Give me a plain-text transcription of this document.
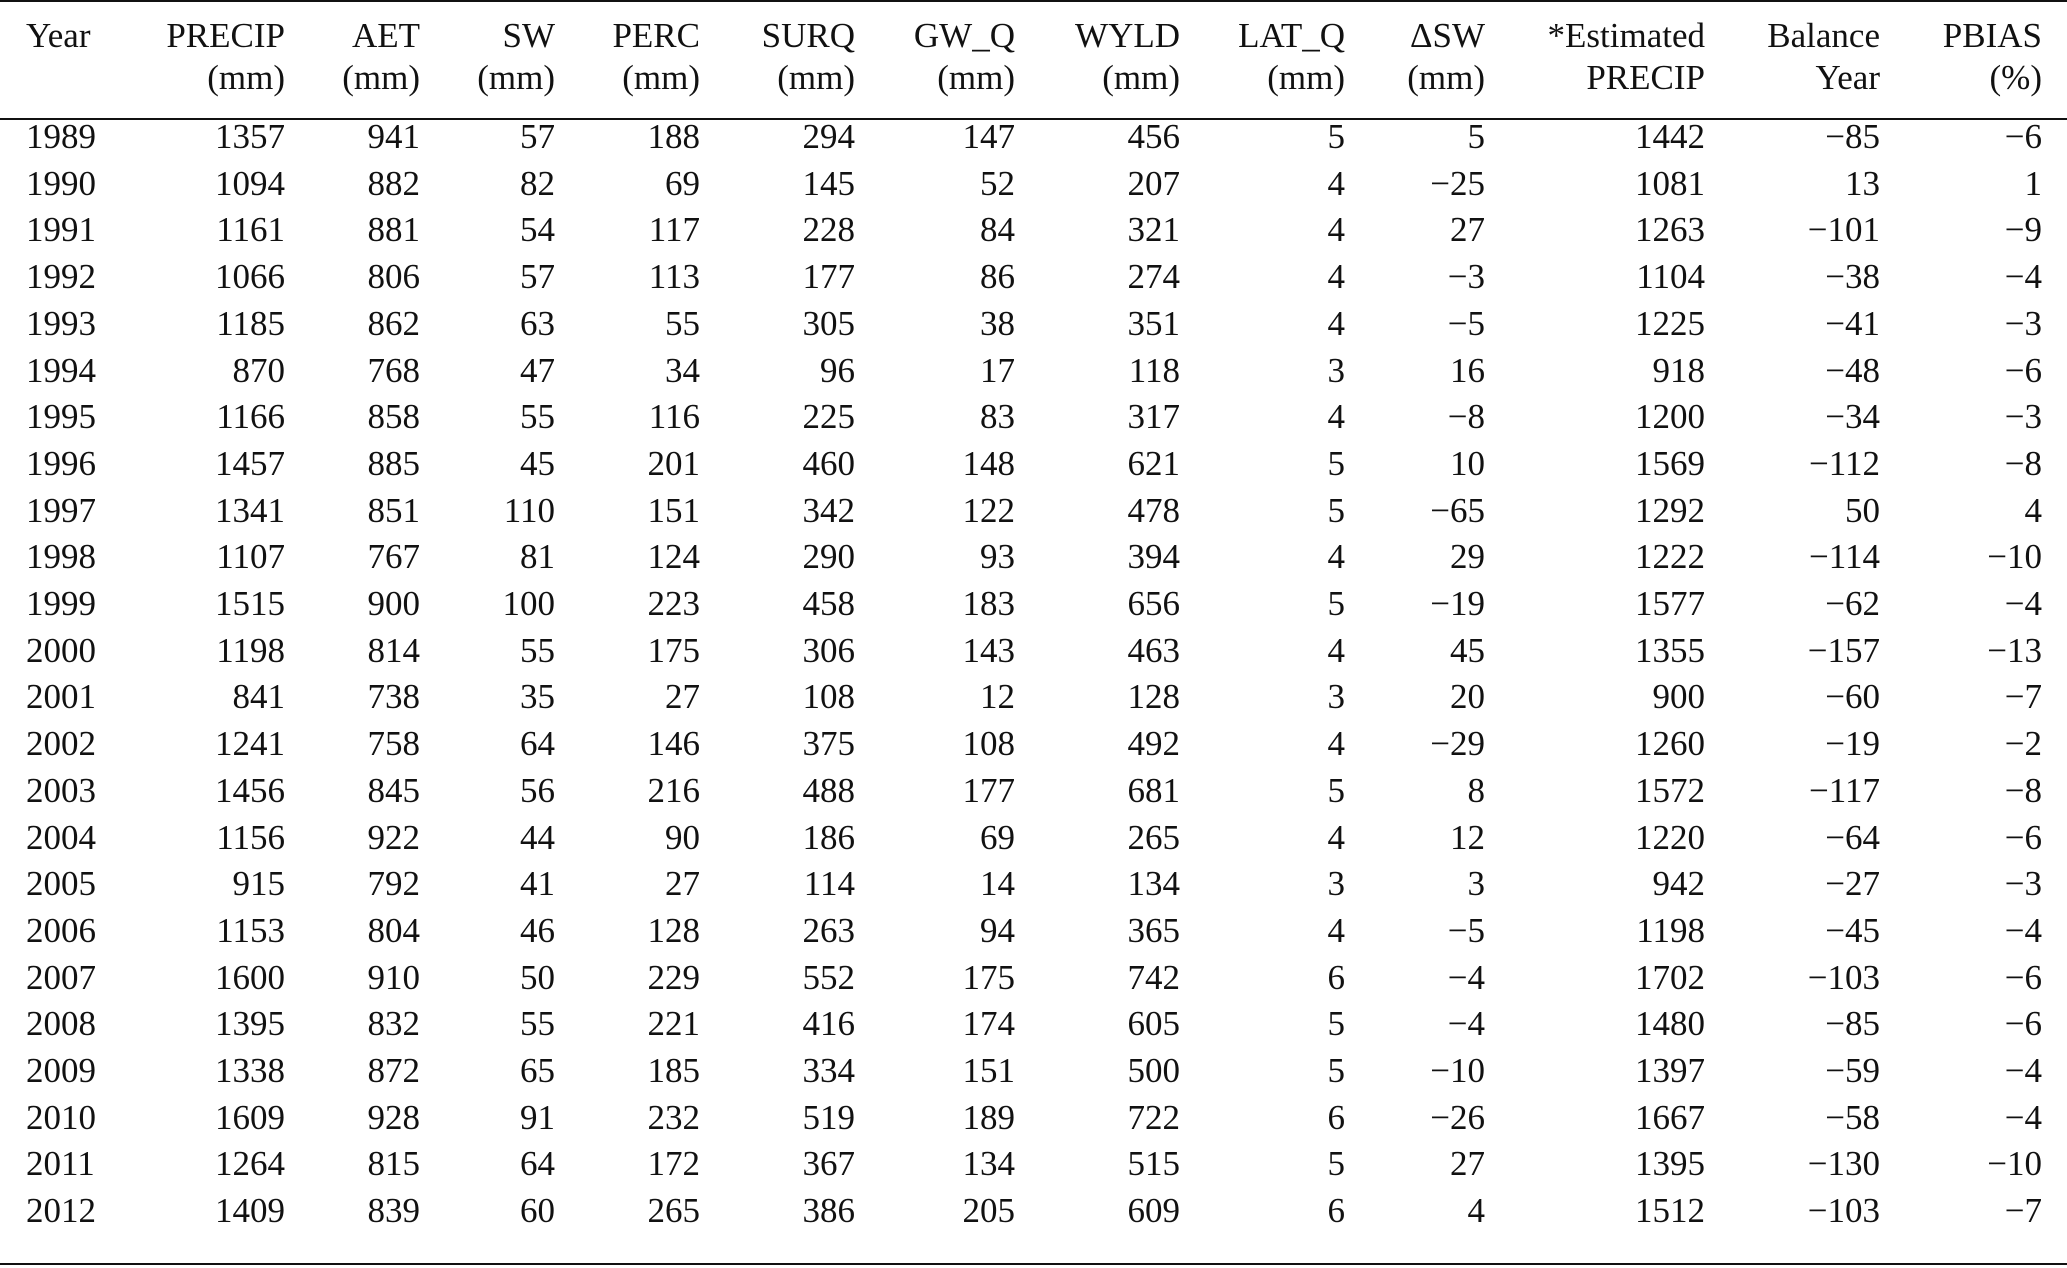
Year	PRECIP	AET	SW	PERC	SURQ	GW_Q	WYLD	LAT_Q	ΔSW	*Estimated	Balance	PBIAS
	(mm)	(mm)	(mm)	(mm)	(mm)	(mm)	(mm)	(mm)	(mm)	PRECIP	Year	(%)

1989	1357	941	57	188	294	147	456	5	5	1442	−85	−6
1990	1094	882	82	69	145	52	207	4	−25	1081	13	1
1991	1161	881	54	117	228	84	321	4	27	1263	−101	−9
1992	1066	806	57	113	177	86	274	4	−3	1104	−38	−4
1993	1185	862	63	55	305	38	351	4	−5	1225	−41	−3
1994	870	768	47	34	96	17	118	3	16	918	−48	−6
1995	1166	858	55	116	225	83	317	4	−8	1200	−34	−3
1996	1457	885	45	201	460	148	621	5	10	1569	−112	−8
1997	1341	851	110	151	342	122	478	5	−65	1292	50	4
1998	1107	767	81	124	290	93	394	4	29	1222	−114	−10
1999	1515	900	100	223	458	183	656	5	−19	1577	−62	−4
2000	1198	814	55	175	306	143	463	4	45	1355	−157	−13
2001	841	738	35	27	108	12	128	3	20	900	−60	−7
2002	1241	758	64	146	375	108	492	4	−29	1260	−19	−2
2003	1456	845	56	216	488	177	681	5	8	1572	−117	−8
2004	1156	922	44	90	186	69	265	4	12	1220	−64	−6
2005	915	792	41	27	114	14	134	3	3	942	−27	−3
2006	1153	804	46	128	263	94	365	4	−5	1198	−45	−4
2007	1600	910	50	229	552	175	742	6	−4	1702	−103	−6
2008	1395	832	55	221	416	174	605	5	−4	1480	−85	−6
2009	1338	872	65	185	334	151	500	5	−10	1397	−59	−4
2010	1609	928	91	232	519	189	722	6	−26	1667	−58	−4
2011	1264	815	64	172	367	134	515	5	27	1395	−130	−10
2012	1409	839	60	265	386	205	609	6	4	1512	−103	−7
